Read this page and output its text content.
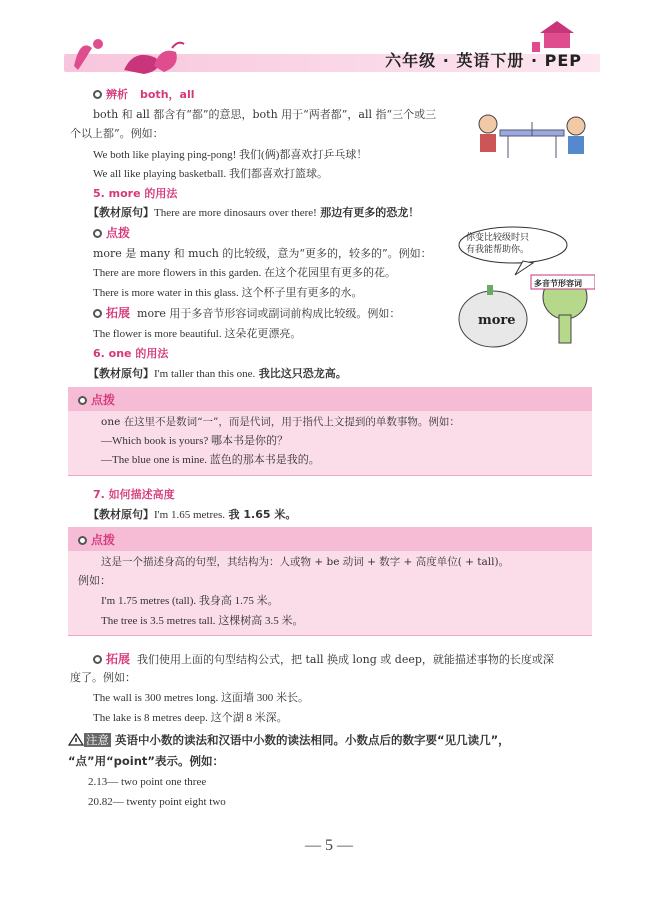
六年级 · 英语下册 · PEP
辨析 both，all
both 和 all 都含有“都”的意思，both 用于“两者都”，all 指“三个或三
个以上都”。例如：
We both like playing ping-pong! 我们(俩)都喜欢打乒乓球！
We all like playing basketball. 我们都喜欢打篮球。
5. more 的用法
【教材原句】There are more dinosaurs over there! 那边有更多的恐龙！
点拨
more 是 many 和 much 的比较级，意为“更多的，较多的”。例如：
There are more flowers in this garden. 在这个花园里有更多的花。
There is more water in this glass. 这个杯子里有更多的水。
拓展 more 用于多音节形容词或副词前构成比较级。例如：
The flower is more beautiful. 这朵花更漂亮。
你变比较级时只
有我能帮助你。
多音节形容词
more
6. one 的用法
【教材原句】I'm taller than this one. 我比这只恐龙高。
点拨
one 在这里不是数词“一”，而是代词，用于指代上文提到的单数事物。例如：
—Which book is yours? 哪本书是你的？
—The blue one is mine. 蓝色的那本书是我的。
7. 如何描述高度
【教材原句】I'm 1.65 metres. 我 1.65 米。
点拨
这是一个描述身高的句型，其结构为：人或物 + be 动词 + 数字 + 高度单位( + tall)。
例如：
I'm 1.75 metres (tall). 我身高 1.75 米。
The tree is 3.5 metres tall. 这棵树高 3.5 米。
拓展 我们使用上面的句型结构公式，把 tall 换成 long 或 deep，就能描述事物的长度或深
度了。例如：
The wall is 300 metres long. 这面墙 300 米长。
The lake is 8 metres deep. 这个湖 8 米深。
注意 英语中小数的读法和汉语中小数的读法相同。小数点后的数字要“见几读几”，
“点”用“point”表示。例如：
2.13— two point one three
20.82— twenty point eight two
— 5 —
